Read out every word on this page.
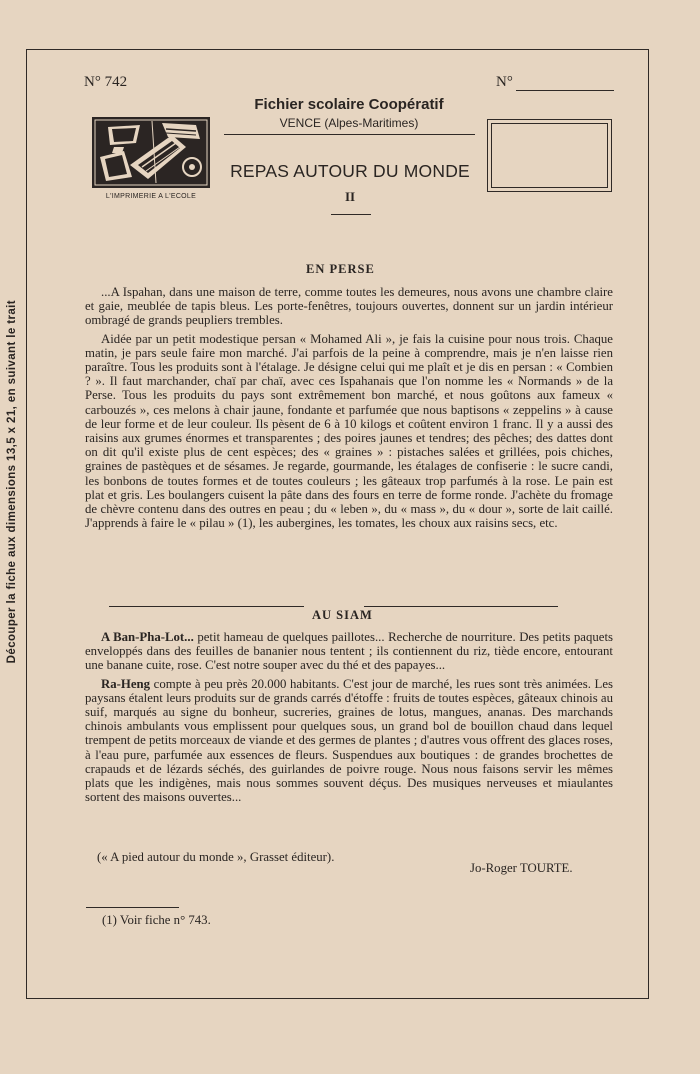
Découper la fiche aux dimensions 13,5 x 21, en suivant le trait
N° 742	N°
L'IMPRIMERIE A L'ECOLE
Fichier scolaire Coopératif
VENCE (Alpes-Maritimes)
REPAS AUTOUR DU MONDE
II
EN PERSE

...A Ispahan, dans une maison de terre, comme toutes les demeures, nous avons une chambre claire et gaie, meublée de tapis bleus. Les porte-fenêtres, toujours ouvertes, donnent sur un jardin intérieur ombragé de grands peupliers trembles.

Aidée par un petit modestique persan « Mohamed Ali », je fais la cuisine pour nous trois. Chaque matin, je pars seule faire mon marché. J'ai parfois de la peine à comprendre, mais je n'en laisse rien paraître. Tous les produits sont à l'étalage. Je désigne celui qui me plaît et je dis en persan : « Combien ? ». Il faut marchander, chaï par chaï, avec ces Ispahanais que l'on nomme les « Normands » de la Perse. Tous les produits du pays sont extrêmement bon marché, et nous goûtons aux fameux « carbouzés », ces melons à chair jaune, fondante et parfumée que nous baptisons « zeppelins » à cause de leur forme et de leur couleur. Ils pèsent de 6 à 10 kilogs et coûtent environ 1 franc. Il y a aussi des raisins aux grumes énormes et transparentes ; des poires jaunes et tendres; des pêches; des dattes dont on dit qu'il existe plus de cent espèces; des « graines » : pistaches salées et grillées, pois chiches, graines de pastèques et de sésames. Je regarde, gourmande, les étalages de confiserie : le sucre candi, les bonbons de toutes formes et de toutes couleurs ; les gâteaux trop parfumés à la rose. Le pain est plat et gris. Les boulangers cuisent la pâte dans des fours en terre de forme ronde. J'achète du fromage de chèvre contenu dans des outres en peau ; du « leben », du « mass », du « dour », sorte de lait caillé. J'apprends à faire le « pilau » (1), les aubergines, les tomates, les choux aux raisins secs, etc.

AU SIAM

A Ban-Pha-Lot... petit hameau de quelques paillotes... Recherche de nourriture. Des petits paquets enveloppés dans des feuilles de bananier nous tentent ; ils contiennent du riz, tiède encore, entourant une banane cuite, rose. C'est notre souper avec du thé et des papayes...

Ra-Heng compte à peu près 20.000 habitants. C'est jour de marché, les rues sont très animées. Les paysans étalent leurs produits sur de grands carrés d'étoffe : fruits de toutes espèces, gâteaux chinois au suif, marqués au signe du bonheur, sucreries, graines de lotus, mangues, ananas. Des marchands chinois ambulants vous emplissent pour quelques sous, un grand bol de bouillon chaud dans lequel trempent de petits morceaux de viande et des germes de plantes ; d'autres vous offrent des glaces roses, à l'eau pure, parfumée aux essences de fleurs. Suspendues aux boutiques : de grandes brochettes de crapauds et de lézards séchés, des guirlandes de poivre rouge. Nous nous faisons servir les mêmes plats que les indigènes, mais nous sommes souvent déçus. Des musiques nerveuses et miaulantes sortent des maisons ouvertes...

(« A pied autour du monde », Grasset éditeur).
Jo-Roger TOURTE.
(1) Voir fiche n° 743.
